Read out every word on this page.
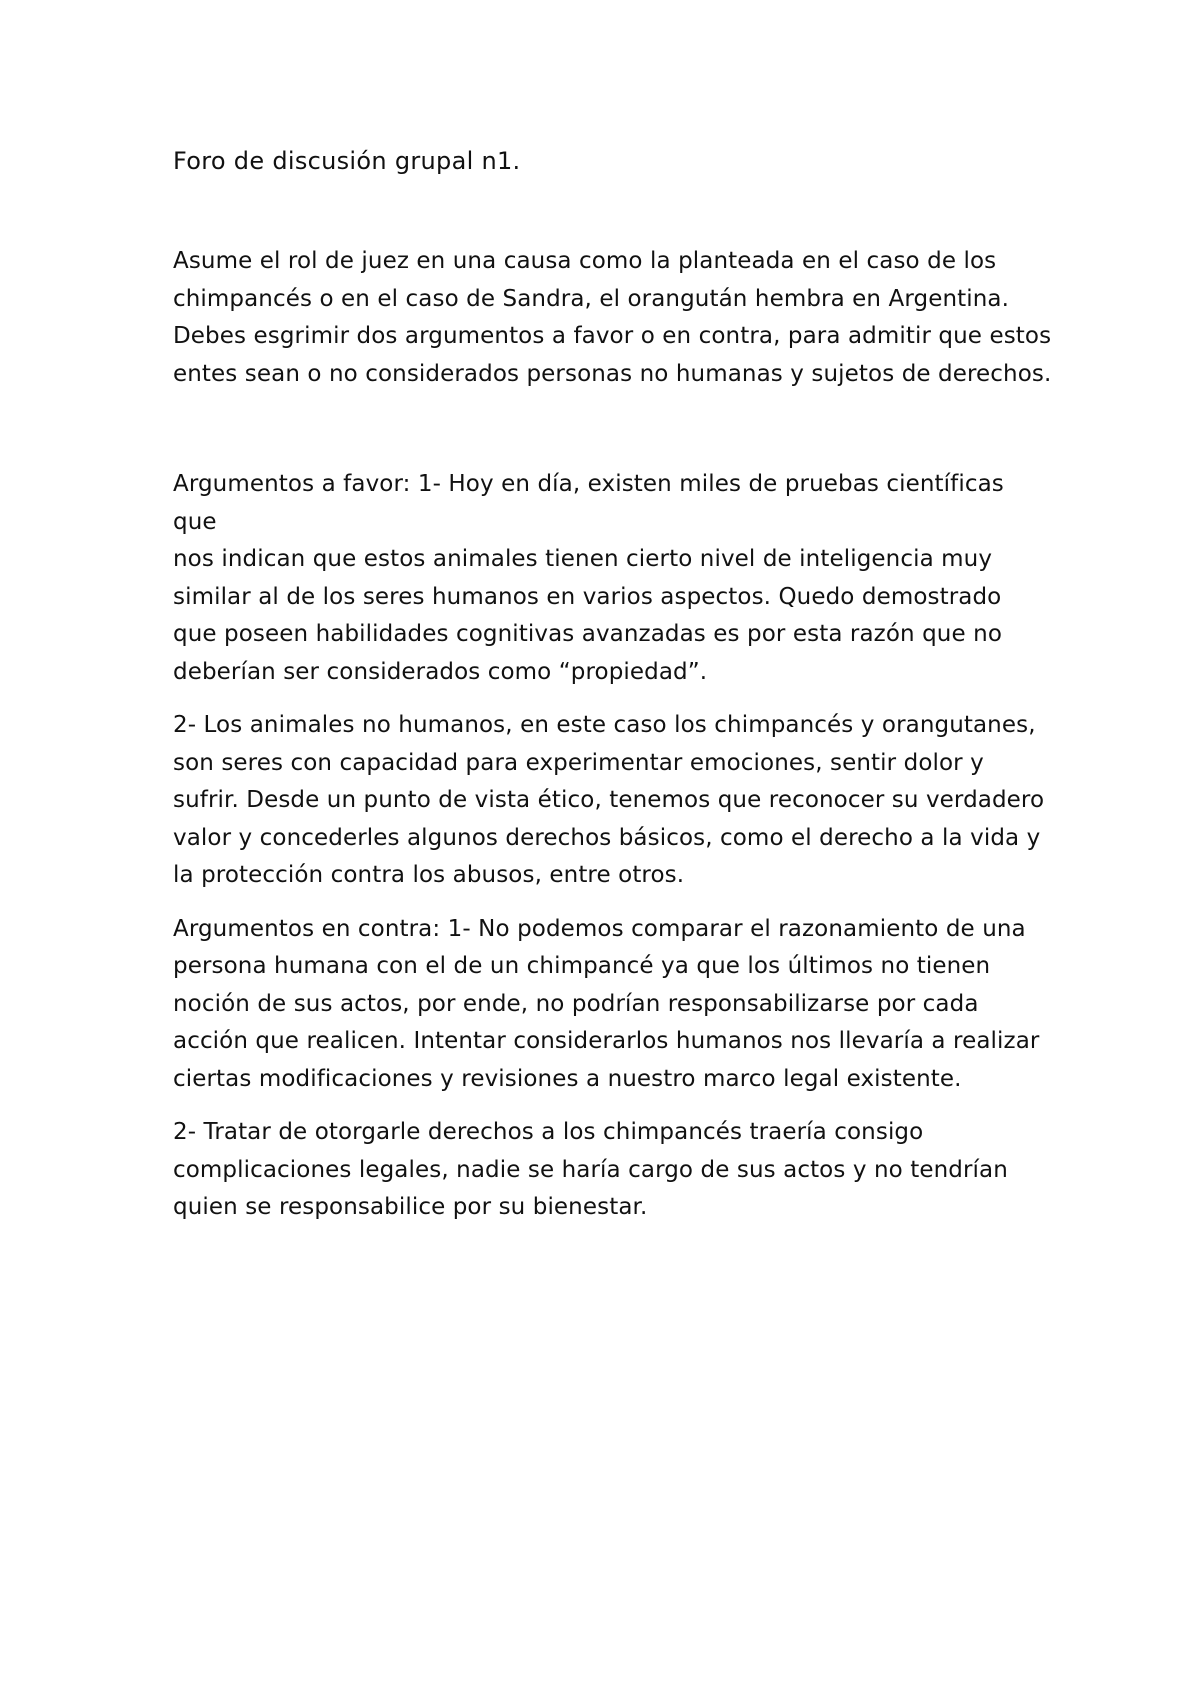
Foro de discusión grupal n1.

Asume el rol de juez en una causa como la planteada en el caso de los
chimpancés o en el caso de Sandra, el orangután hembra en Argentina.
Debes esgrimir dos argumentos a favor o en contra, para admitir que estos
entes sean o no considerados personas no humanas y sujetos de derechos.

Argumentos a favor: 1- Hoy en día, existen miles de pruebas científicas que
nos indican que estos animales tienen cierto nivel de inteligencia muy
similar al de los seres humanos en varios aspectos. Quedo demostrado
que poseen habilidades cognitivas avanzadas es por esta razón que no
deberían ser considerados como “propiedad”.

2- Los animales no humanos, en este caso los chimpancés y orangutanes,
son seres con capacidad para experimentar emociones, sentir dolor y
sufrir. Desde un punto de vista ético, tenemos que reconocer su verdadero
valor y concederles algunos derechos básicos, como el derecho a la vida y
la protección contra los abusos, entre otros.

Argumentos en contra: 1- No podemos comparar el razonamiento de una
persona humana con el de un chimpancé ya que los últimos no tienen
noción de sus actos, por ende, no podrían responsabilizarse por cada
acción que realicen. Intentar considerarlos humanos nos llevaría a realizar
ciertas modificaciones y revisiones a nuestro marco legal existente.

2- Tratar de otorgarle derechos a los chimpancés traería consigo
complicaciones legales, nadie se haría cargo de sus actos y no tendrían
quien se responsabilice por su bienestar.
